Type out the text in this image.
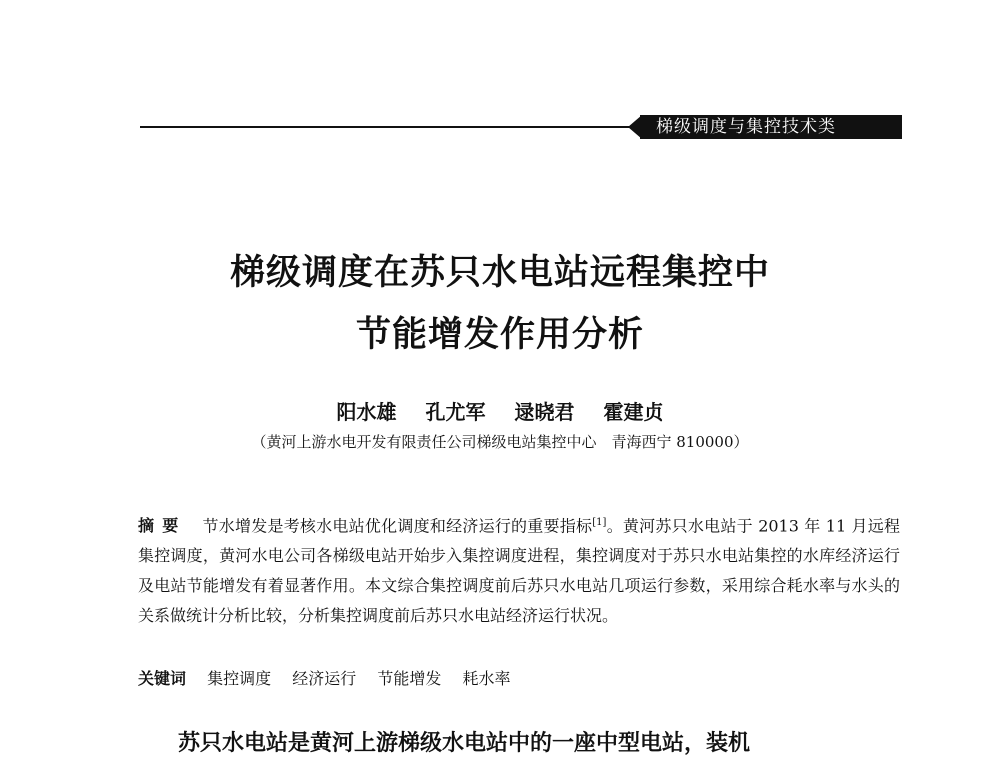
梯级调度与集控技术类
梯级调度在苏只水电站远程集控中
节能增发作用分析
阳水雄 孔尤军 逯晓君 霍建贞
（黄河上游水电开发有限责任公司梯级电站集控中心　青海西宁 810000）
摘要 节水增发是考核水电站优化调度和经济运行的重要指标[1]。黄河苏只水电站于 2013 年 11 月远程集控调度，黄河水电公司各梯级电站开始步入集控调度进程，集控调度对于苏只水电站集控的水库经济运行及电站节能增发有着显著作用。本文综合集控调度前后苏只水电站几项运行参数，采用综合耗水率与水头的关系做统计分析比较，分析集控调度前后苏只水电站经济运行状况。
关键词 集控调度 经济运行 节能增发 耗水率
苏只水电站是黄河上游梯级水电站中的一座中型电站，装机
